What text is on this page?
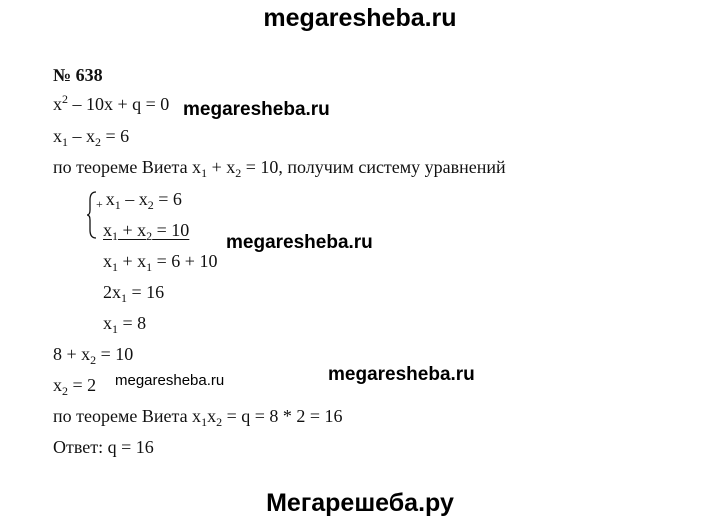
megaresheba.ru
№ 638
$x^2 - 10x + q = 0$ megaresheba.ru
$x_1 - x_2 = 6$
по теореме Виета $x_1 + x_2 = 10$, получим систему уравнений
+ $x_1 - x_2 = 6$
$x_1 + x_2 = 10$
megaresheba.ru
$x_1 + x_1 = 6 + 10$
$2x_1 = 16$
$x_1 = 8$
$8 + x_2 = 10$
$x_2 = 2$ megaresheba.ru	megaresheba.ru
по теореме Виета $x_1x_2 = q = 8 * 2 = 16$
Ответ: q = 16
Мегарешеба.ру
